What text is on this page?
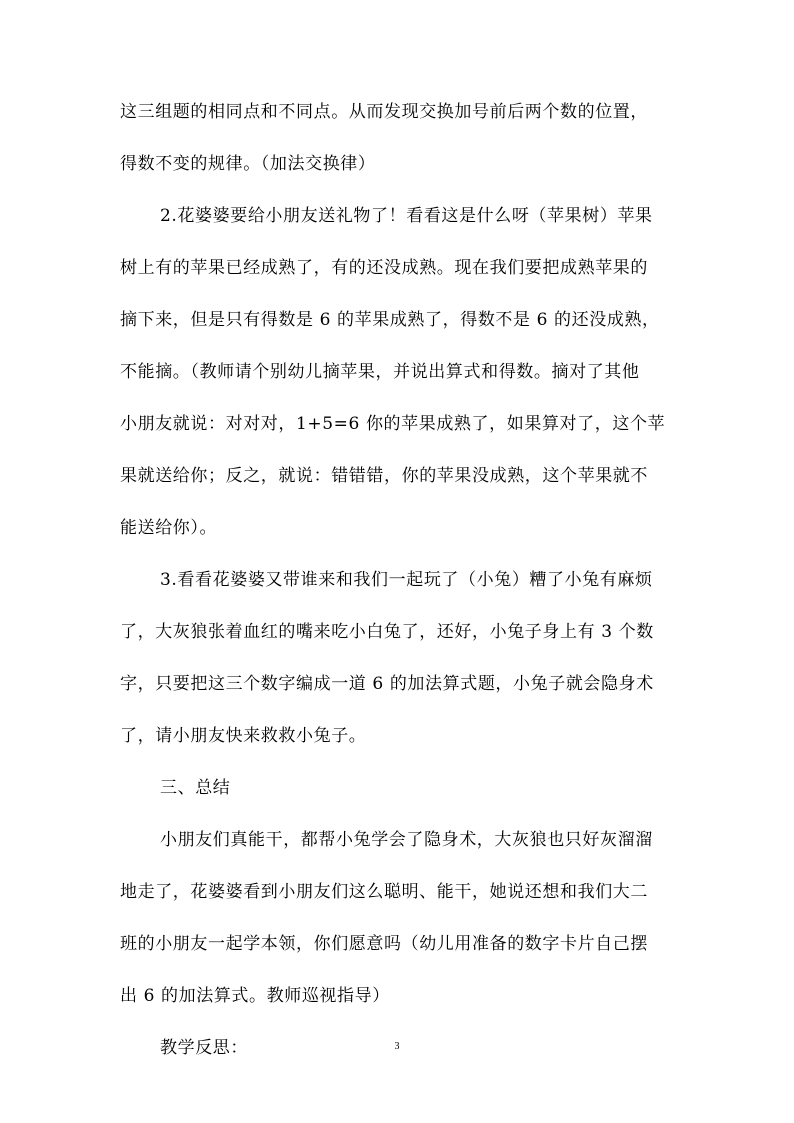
这三组题的相同点和不同点。从而发现交换加号前后两个数的位置，
得数不变的规律。（加法交换律）
2.花婆婆要给小朋友送礼物了！看看这是什么呀（苹果树）苹果
树上有的苹果已经成熟了，有的还没成熟。现在我们要把成熟苹果的
摘下来，但是只有得数是 6 的苹果成熟了，得数不是 6 的还没成熟，
不能摘。（教师请个别幼儿摘苹果，并说出算式和得数。摘对了其他
小朋友就说：对对对，1+5=6 你的苹果成熟了，如果算对了，这个苹
果就送给你；反之，就说：错错错，你的苹果没成熟，这个苹果就不
能送给你）。
3.看看花婆婆又带谁来和我们一起玩了（小兔）糟了小兔有麻烦
了，大灰狼张着血红的嘴来吃小白兔了，还好，小兔子身上有 3 个数
字，只要把这三个数字编成一道 6 的加法算式题，小兔子就会隐身术
了，请小朋友快来救救小兔子。
三、总结
小朋友们真能干，都帮小兔学会了隐身术，大灰狼也只好灰溜溜
地走了，花婆婆看到小朋友们这么聪明、能干，她说还想和我们大二
班的小朋友一起学本领，你们愿意吗（幼儿用准备的数字卡片自己摆
出 6 的加法算式。教师巡视指导）
教学反思：	3
